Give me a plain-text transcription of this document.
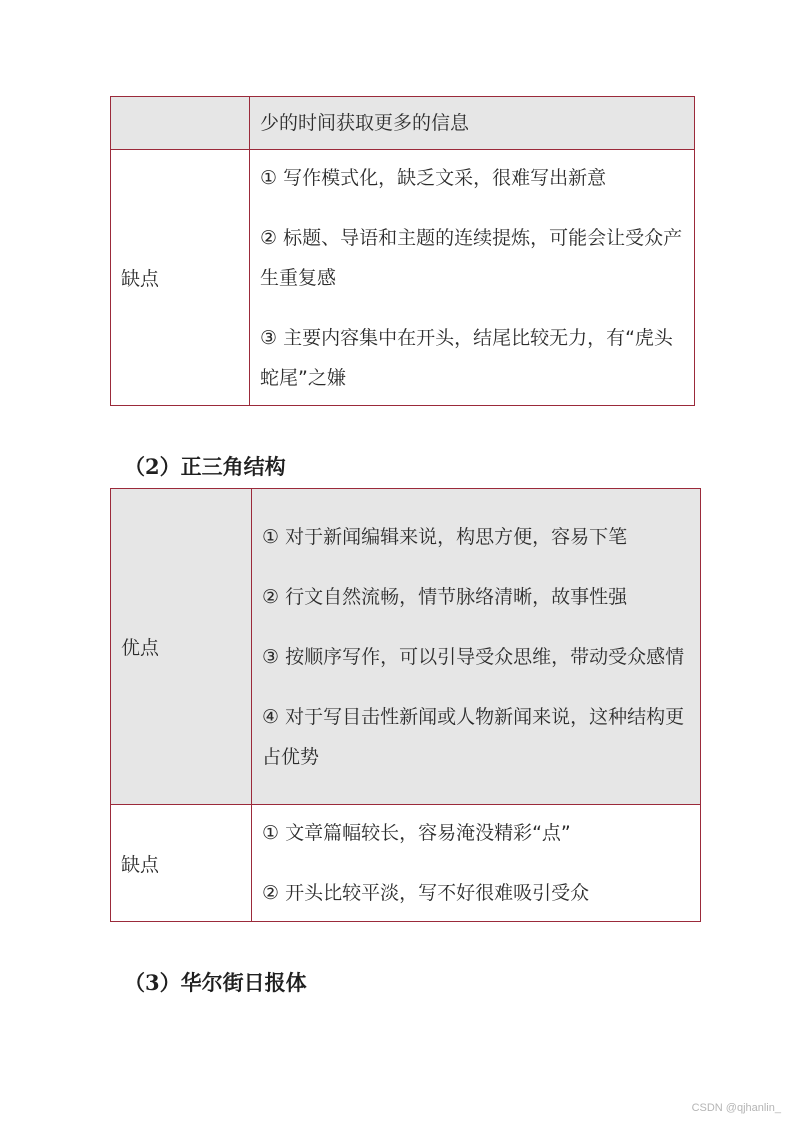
	少的时间获取更多的信息

缺点	① 写作模式化，缺乏文采，很难写出新意

② 标题、导语和主题的连续提炼，可能会让受众产生重复感

③ 主要内容集中在开头，结尾比较无力，有“虎头蛇尾”之嫌

（2）正三角结构
优点	① 对于新闻编辑来说，构思方便，容易下笔

② 行文自然流畅，情节脉络清晰，故事性强

③ 按顺序写作，可以引导受众思维，带动受众感情

④ 对于写目击性新闻或人物新闻来说，这种结构更占优势

缺点	① 文章篇幅较长，容易淹没精彩“点”

② 开头比较平淡，写不好很难吸引受众

（3）华尔街日报体
CSDN @qjhanlin_
